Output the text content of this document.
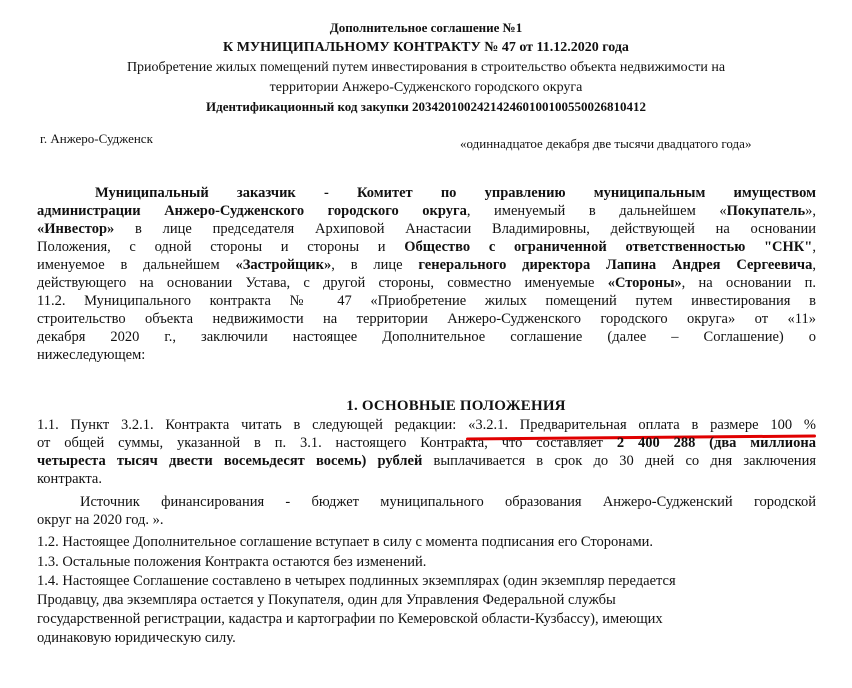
Дополнительное соглашение №1
К МУНИЦИПАЛЬНОМУ КОНТРАКТУ № 47 от 11.12.2020 года
Приобретение жилых помещений путем инвестирования в строительство объекта недвижимости на
территории Анжеро-Судженского городского округа
Идентификационный код закупки 203420100242142460100100550026810412
г. Анжеро-Судженск	«одиннадцатое декабря две тысячи двадцатого года»
Муниципальный заказчик - Комитет по управлению муниципальным имуществом
администрации Анжеро-Судженского городского округа, именуемый в дальнейшем «Покупатель»,
«Инвестор» в лице председателя Архиповой Анастасии Владимировны, действующей на основании
Положения, с одной стороны и стороны и Общество с ограниченной ответственностью "СНК",
именуемое в дальнейшем «Застройщик», в лице генерального директора Лапина Андрея Сергеевича,
действующего на основании Устава, с другой стороны, совместно именуемые «Стороны», на основании п.
11.2. Муниципального контракта № 47 «Приобретение жилых помещений путем инвестирования в
строительство объекта недвижимости на территории Анжеро-Судженского городского округа» от «11»
декабря 2020 г., заключили настоящее Дополнительное соглашение (далее – Соглашение) о
нижеследующем:
1. ОСНОВНЫЕ ПОЛОЖЕНИЯ
1.1. Пункт 3.2.1. Контракта читать в следующей редакции: «3.2.1. Предварительная оплата в размере 100 %
от общей суммы, указанной в п. 3.1. настоящего Контракта, что составляет 2 400 288 (два миллиона
четыреста тысяч двести восемьдесят восемь) рублей выплачивается в срок до 30 дней со дня заключения
контракта.
Источник финансирования - бюджет муниципального образования Анжеро-Судженский городской
округ на 2020 год. ».
1.2. Настоящее Дополнительное соглашение вступает в силу с момента подписания его Сторонами.
1.3. Остальные положения Контракта остаются без изменений.
1.4. Настоящее Соглашение составлено в четырех подлинных экземплярах (один экземпляр передается
Продавцу, два экземпляра остается у Покупателя, один для Управления Федеральной службы
государственной регистрации, кадастра и картографии по Кемеровской области-Кузбассу), имеющих
одинаковую юридическую силу.
